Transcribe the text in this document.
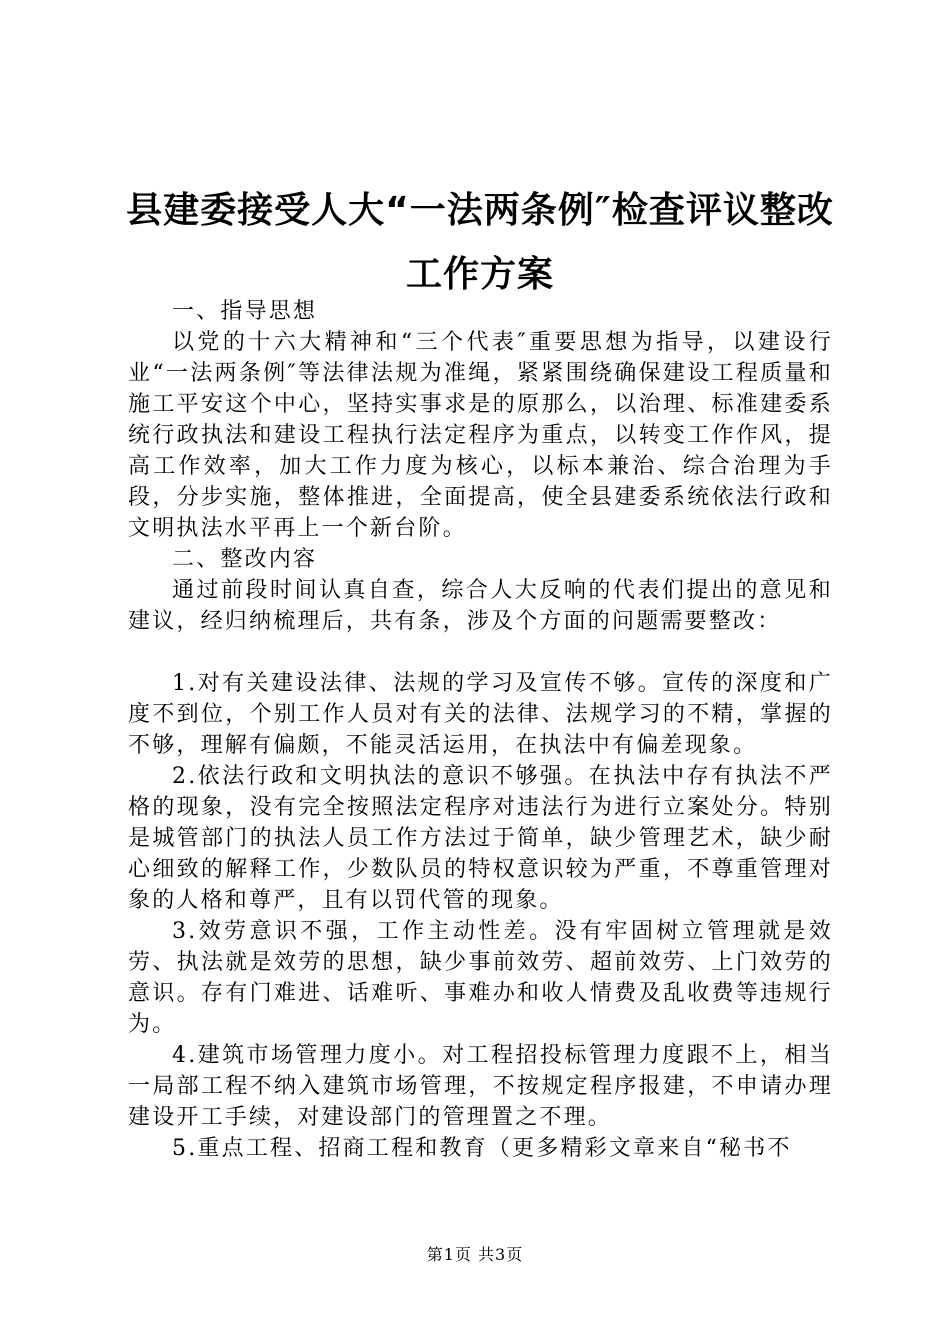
县建委接受人大“一法两条例″检查评议整改
工作方案

一、指导思想

以党的十六大精神和“三个代表″重要思想为指导，以建设行业“一法两条例″等法律法规为准绳，紧紧围绕确保建设工程质量和施工平安这个中心，坚持实事求是的原那么，以治理、标准建委系统行政执法和建设工程执行法定程序为重点，以转变工作作风，提高工作效率，加大工作力度为核心，以标本兼治、综合治理为手段，分步实施，整体推进，全面提高，使全县建委系统依法行政和文明执法水平再上一个新台阶。

二、整改内容

通过前段时间认真自查，综合人大反响的代表们提出的意见和建议，经归纳梳理后，共有条，涉及个方面的问题需要整改：

1.对有关建设法律、法规的学习及宣传不够。宣传的深度和广度不到位，个别工作人员对有关的法律、法规学习的不精，掌握的不够，理解有偏颇，不能灵活运用，在执法中有偏差现象。

2.依法行政和文明执法的意识不够强。在执法中存有执法不严格的现象，没有完全按照法定程序对违法行为进行立案处分。特别是城管部门的执法人员工作方法过于简单，缺少管理艺术，缺少耐心细致的解释工作，少数队员的特权意识较为严重，不尊重管理对象的人格和尊严，且有以罚代管的现象。

3.效劳意识不强，工作主动性差。没有牢固树立管理就是效劳、执法就是效劳的思想，缺少事前效劳、超前效劳、上门效劳的意识。存有门难进、话难听、事难办和收人情费及乱收费等违规行为。

4.建筑市场管理力度小。对工程招投标管理力度跟不上，相当一局部工程不纳入建筑市场管理，不按规定程序报建，不申请办理建设开工手续，对建设部门的管理置之不理。

5.重点工程、招商工程和教育（更多精彩文章来自“秘书不

第1页 共3页
